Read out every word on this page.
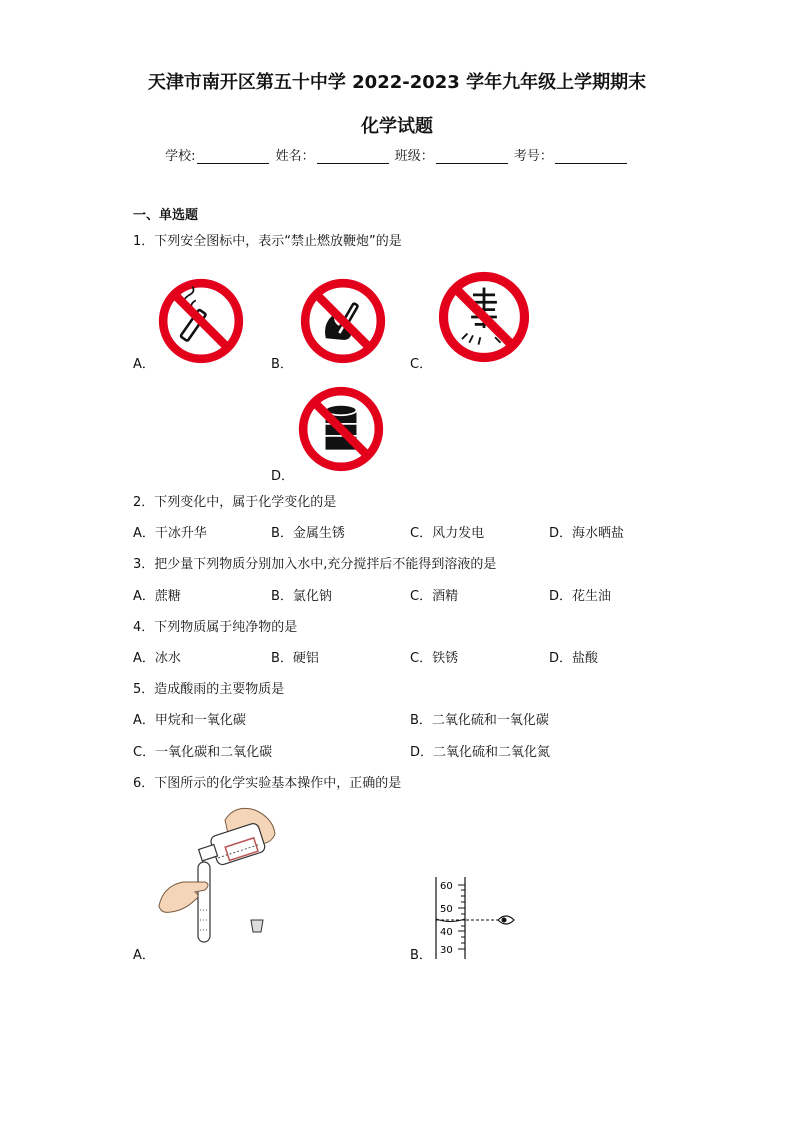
天津市南开区第五十中学 2022-2023 学年九年级上学期期末
化学试题
学校:	姓名：	班级：	考号：
一、单选题
1．下列安全图标中，表示“禁止燃放鞭炮”的是
A．	B．	C．
D．
2．下列变化中，属于化学变化的是
A．干冰升华	B．金属生锈	C．风力发电	D．海水晒盐
3．把少量下列物质分别加入水中,充分搅拌后不能得到溶液的是
A．蔗糖	B．氯化钠	C．酒精	D．花生油
4．下列物质属于纯净物的是
A．冰水	B．硬铝	C．铁锈	D．盐酸
5．造成酸雨的主要物质是
A．甲烷和一氧化碳	B．二氧化硫和一氧化碳
C．一氧化碳和二氧化碳	D．二氧化硫和二氧化氮
6．下图所示的化学实验基本操作中，正确的是
A．
60
50
40
30
B．
